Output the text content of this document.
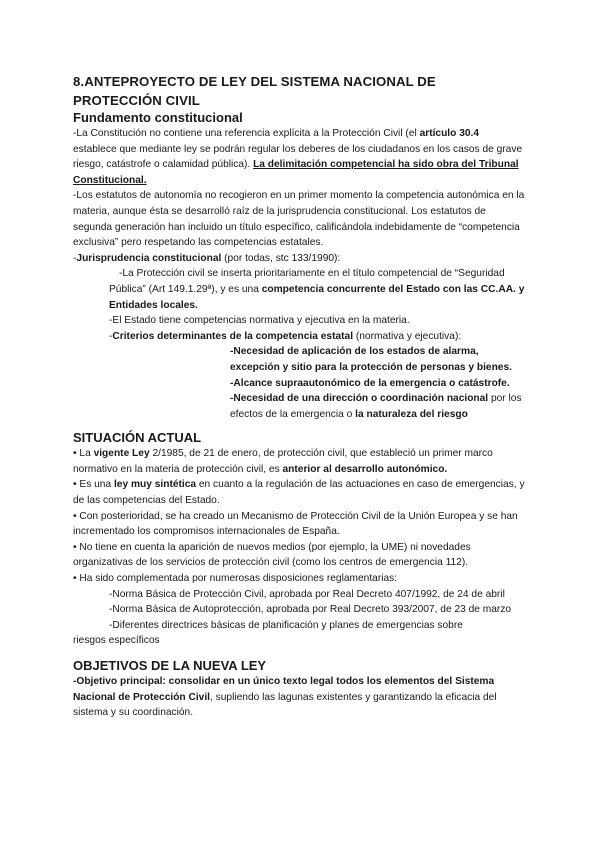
8.ANTEPROYECTO DE LEY DEL SISTEMA NACIONAL DE PROTECCIÓN CIVIL
Fundamento constitucional

-La Constitución no contiene una referencia explícita a la Protección Civil (el artículo 30.4 establece que mediante ley se podrán regular los deberes de los ciudadanos en los casos de grave riesgo, catástrofe o calamidad pública). La delimitación competencial ha sido obra del Tribunal Constitucional.

-Los estatutos de autonomía no recogieron en un primer momento la competencia autonómica en la materia, aunque ésta se desarrolló raíz de la jurisprudencia constitucional. Los estatutos de segunda generación han incluido un título específico, calificándola indebidamente de “competencia exclusiva” pero respetando las competencias estatales.

-Jurisprudencia constitucional (por todas, stc 133/1990):

-La Protección civil se inserta prioritariamente en el título competencial de “Seguridad

Pública” (Art 149.1.29ª), y es una competencia concurrente del Estado con las CC.AA. y Entidades locales.

-El Estado tiene competencias normativa y ejecutiva en la materia.

-Criterios determinantes de la competencia estatal (normativa y ejecutiva):

-Necesidad de aplicación de los estados de alarma, excepción y sitio para la protección de personas y bienes.

-Alcance supraautonómico de la emergencia o catástrofe.

-Necesidad de una dirección o coordinación nacional por los efectos de la emergencia o la naturaleza del riesgo

SITUACIÓN ACTUAL

• La vigente Ley 2/1985, de 21 de enero, de protección civil, que estableció un primer marco normativo en la materia de protección civil, es anterior al desarrollo autonómico.

• Es una ley muy sintética en cuanto a la regulación de las actuaciones en caso de emergencias, y de las competencias del Estado.

• Con posterioridad, se ha creado un Mecanismo de Protección Civil de la Unión Europea y se han incrementado los compromisos internacionales de España.

• No tiene en cuenta la aparición de nuevos medios (por ejemplo, la UME) ni novedades organizativas de los servicios de protección civil (como los centros de emergencia 112).

• Ha sido complementada por numerosas disposiciones reglamentarias:

-Norma Básica de Protección Civil, aprobada por Real Decreto 407/1992, de 24 de abril

-Norma Básica de Autoprotección, aprobada por Real Decreto 393/2007, de 23 de marzo

-Diferentes directrices básicas de planificación y planes de emergencias sobre

riesgos específicos

OBJETIVOS DE LA NUEVA LEY

-Objetivo principal: consolidar en un único texto legal todos los elementos del Sistema Nacional de Protección Civil, supliendo las lagunas existentes y garantizando la eficacia del sistema y su coordinación.
